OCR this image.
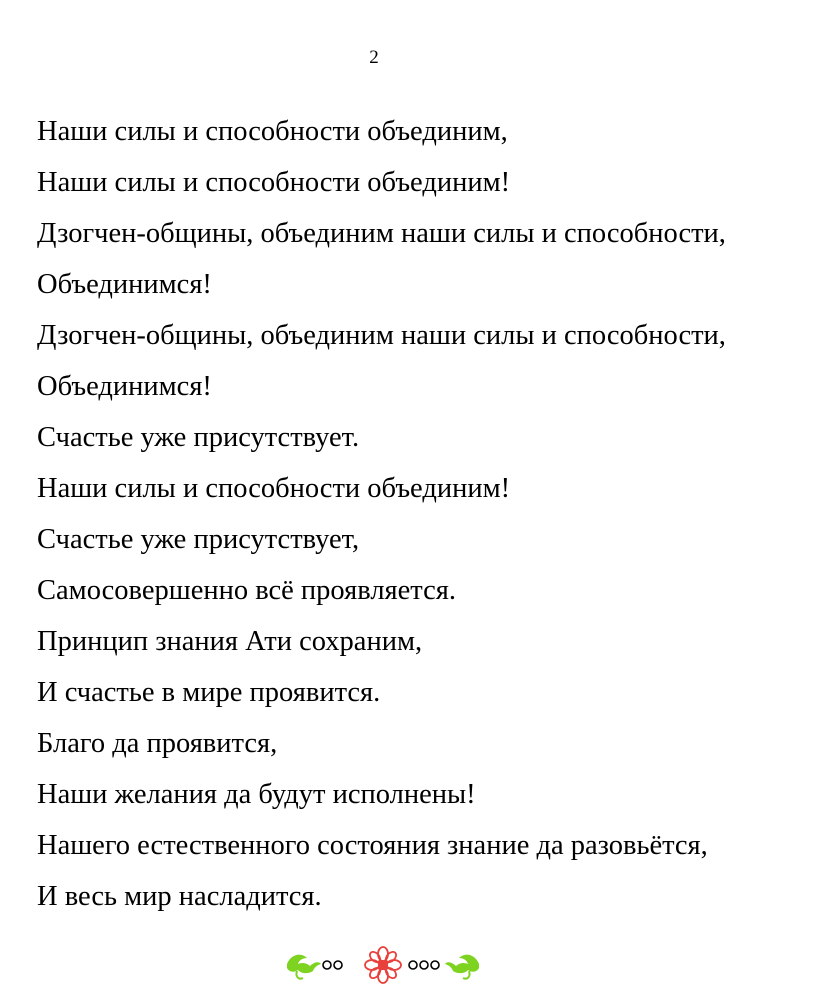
2
Наши силы и способности объединим,
Наши силы и способности объединим!
Дзогчен-общины, объединим наши силы и способности,
Объединимся!
Дзогчен-общины, объединим наши силы и способности,
Объединимся!
Счастье уже присутствует.
Наши силы и способности объединим!
Счастье уже присутствует,
Самосовершенно всё проявляется.
Принцип знания Ати сохраним,
И счастье в мире проявится.
Благо да проявится,
Наши желания да будут исполнены!
Нашего естественного состояния знание да разовьётся,
И весь мир насладится.
